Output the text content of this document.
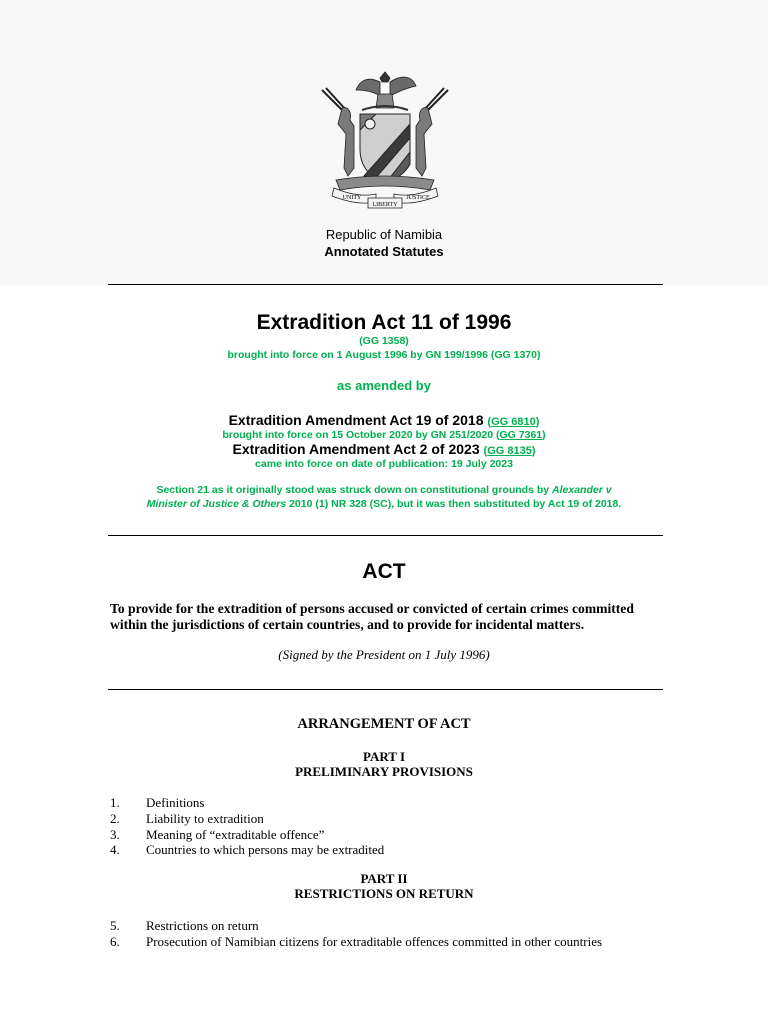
UNITY
LIBERTY
JUSTICE
Republic of Namibia
Annotated Statutes
Extradition Act 11 of 1996
(GG 1358)
brought into force on 1 August 1996 by GN 199/1996 (GG 1370)
as amended by
Extradition Amendment Act 19 of 2018 (GG 6810)
brought into force on 15 October 2020 by GN 251/2020 (GG 7361)
Extradition Amendment Act 2 of 2023 (GG 8135)
came into force on date of publication: 19 July 2023
Section 21 as it originally stood was struck down on constitutional grounds by Alexander v
Minister of Justice & Others 2010 (1) NR 328 (SC), but it was then substituted by Act 19 of 2018.
ACT
To provide for the extradition of persons accused or convicted of certain crimes committed
within the jurisdictions of certain countries, and to provide for incidental matters.
(Signed by the President on 1 July 1996)
ARRANGEMENT OF ACT
PART I
PRELIMINARY PROVISIONS
1.	Definitions
2.	Liability to extradition
3.	Meaning of “extraditable offence”
4.	Countries to which persons may be extradited
PART II
RESTRICTIONS ON RETURN
5.	Restrictions on return
6.	Prosecution of Namibian citizens for extraditable offences committed in other countries
